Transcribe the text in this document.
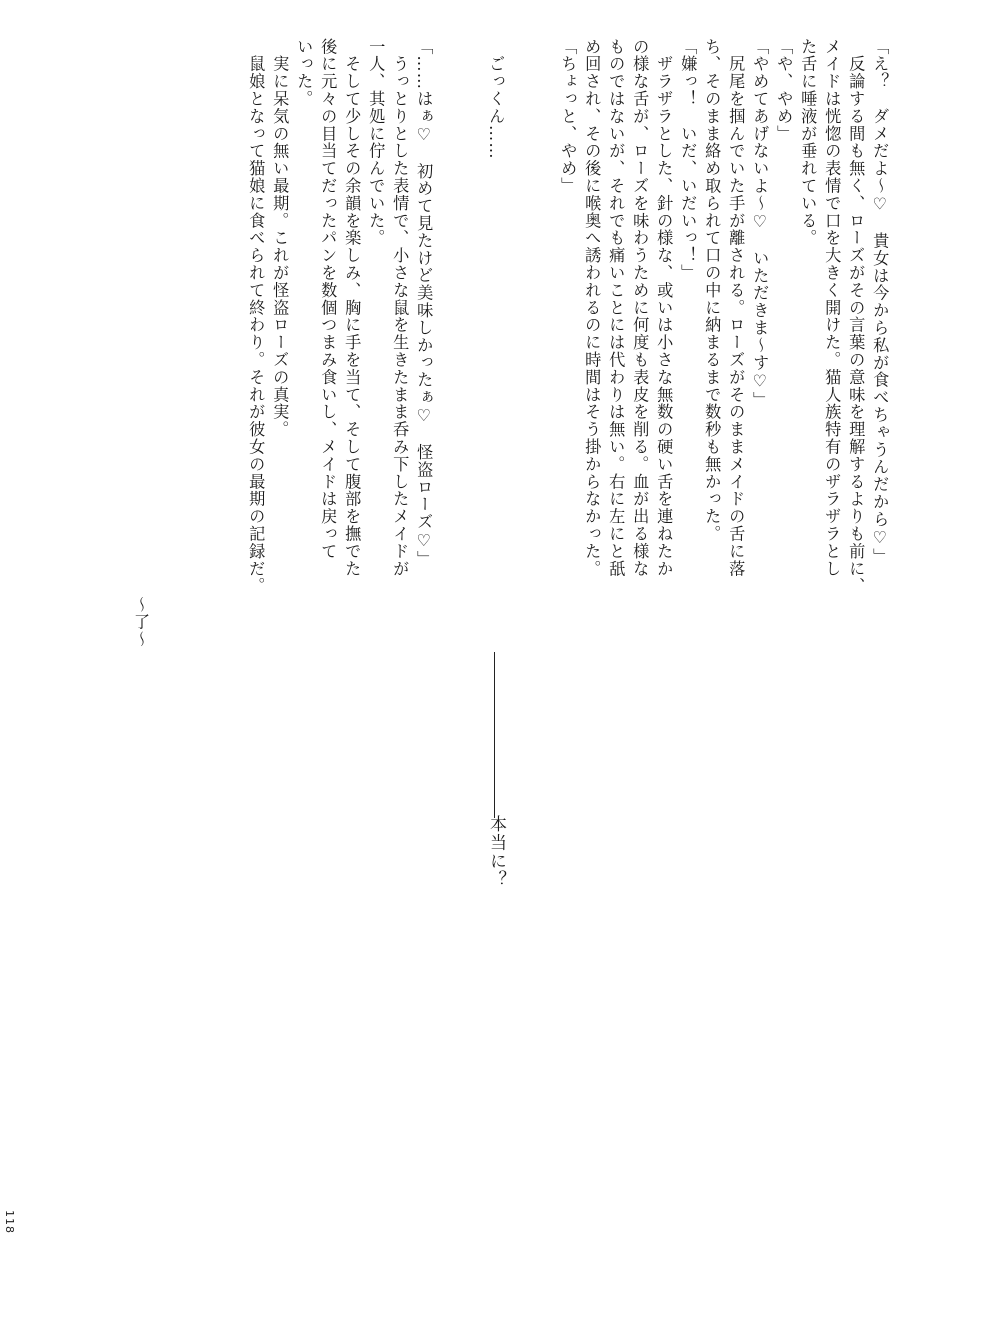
「え？　ダメだよ〜♡　貴女は今から私が食べちゃうんだから♡」
　反論する間も無く、ローズがその言葉の意味を理解するよりも前に、
メイドは恍惚の表情で口を大きく開けた。猫人族特有のザラザラとし
た舌に唾液が垂れている。
「や、やめ」
「やめてあげないよ〜♡　いただきま〜す♡」
　尻尾を掴んでいた手が離される。ローズがそのままメイドの舌に落
ち、そのまま絡め取られて口の中に納まるまで数秒も無かった。
「嫌っ！　いだ、いだいっ！」
　ザラザラとした、針の様な、或いは小さな無数の硬い舌を連ねたか
の様な舌が、ローズを味わうために何度も表皮を削る。血が出る様な
ものではないが、それでも痛いことには代わりは無い。右に左にと舐
め回され、その後に喉奥へ誘われるのに時間はそう掛からなかった。
「ちょっと、やめ」
　ごっくん……
「……はぁ♡　初めて見たけど美味しかったぁ♡　怪盗ローズ♡」
　うっとりとした表情で、小さな鼠を生きたまま呑み下したメイドが
一人、其処に佇んでいた。
　そして少しその余韻を楽しみ、胸に手を当て、そして腹部を撫でた
後に元々の目当てだったパンを数個つまみ食いし、メイドは戻って
いった。
　実に呆気の無い最期。これが怪盗ローズの真実。
　鼠娘となって猫娘に食べられて終わり。それが彼女の最期の記録だ。
〜了〜
本当に？
118
